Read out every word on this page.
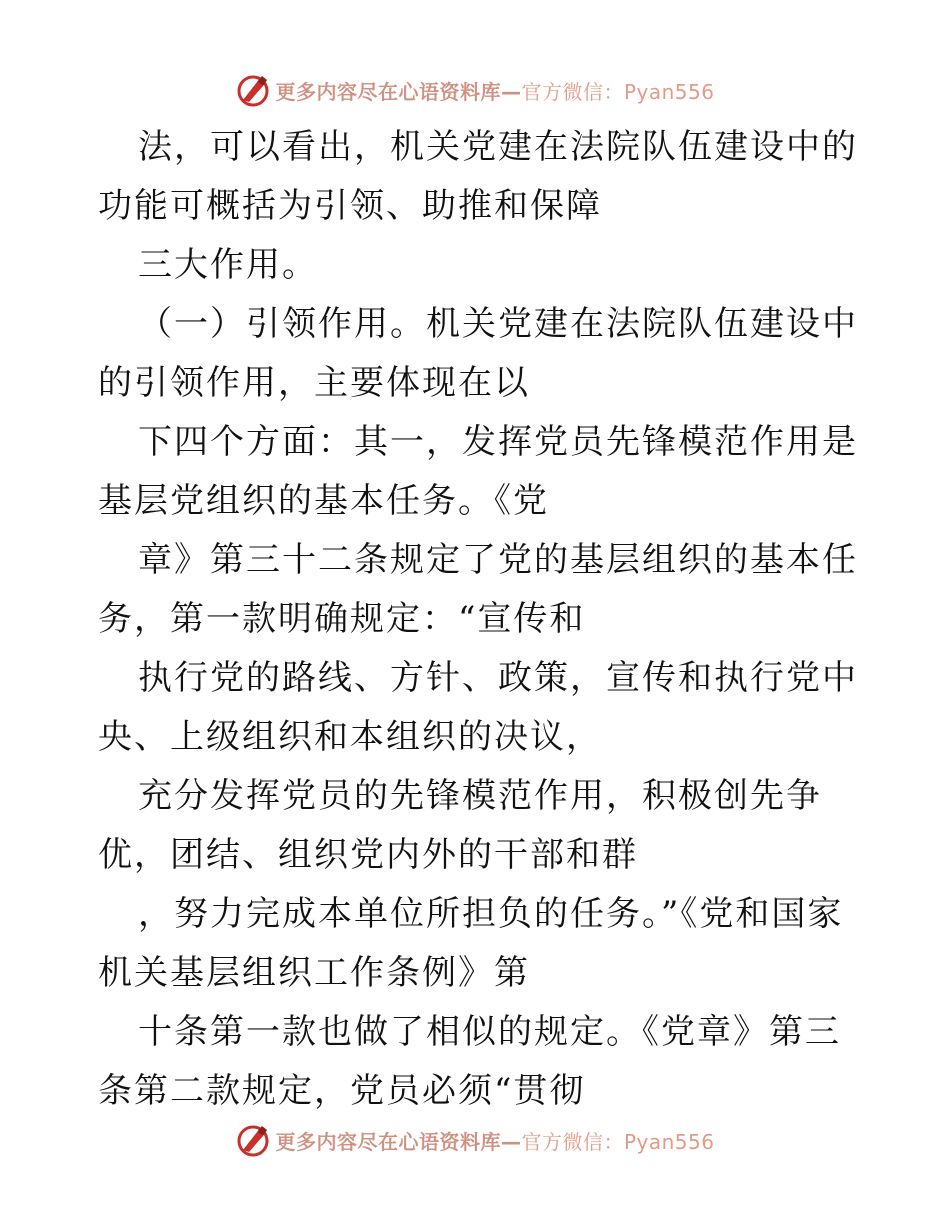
更多内容尽在心语资料库—官方微信：Pyan556

法，可以看出，机关党建在法院队伍建设中的功能可概括为引领、助推和保障

三大作用。

（一）引领作用。机关党建在法院队伍建设中的引领作用，主要体现在以

下四个方面：其一，发挥党员先锋模范作用是基层党组织的基本任务。《党

章》第三十二条规定了党的基层组织的基本任务，第一款明确规定：“宣传和

执行党的路线、方针、政策，宣传和执行党中央、上级组织和本组织的决议，

充分发挥党员的先锋模范作用，积极创先争优，团结、组织党内外的干部和群

，努力完成本单位所担负的任务。”《党和国家机关基层组织工作条例》第

十条第一款也做了相似的规定。《党章》第三条第二款规定，党员必须“贯彻

更多内容尽在心语资料库—官方微信：Pyan556
